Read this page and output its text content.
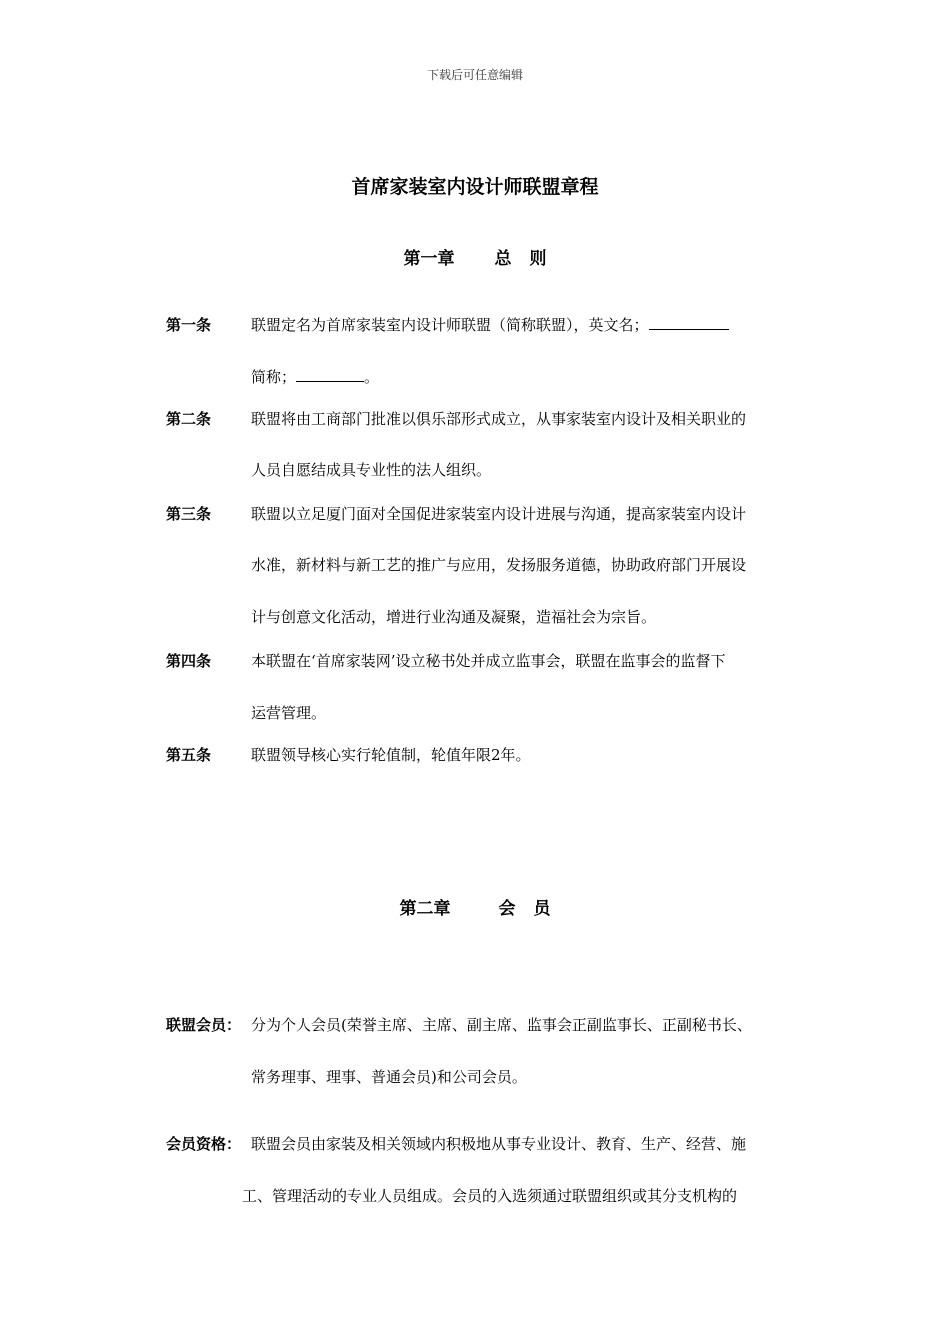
下载后可任意编辑
首席家装室内设计师联盟章程
第一章 总 则
第一条	联盟定名为首席家装室内设计师联盟（简称联盟），英文名；
简称；	。
第二条	联盟将由工商部门批准以俱乐部形式成立，从事家装室内设计及相关职业的
人员自愿结成具专业性的法人组织。
第三条	联盟以立足厦门面对全国促进家装室内设计进展与沟通，提高家装室内设计
水准，新材料与新工艺的推广与应用，发扬服务道德，协助政府部门开展设
计与创意文化活动，增进行业沟通及凝聚，造福社会为宗旨。
第四条	本联盟在‘首席家装网’设立秘书处并成立监事会，联盟在监事会的监督下
运营管理。
第五条	联盟领导核心实行轮值制，轮值年限2年。
第二章	会 员
联盟会员： 分为个人会员(荣誉主席、主席、副主席、监事会正副监事长、正副秘书长、
常务理事、理事、普通会员)和公司会员。
会员资格： 联盟会员由家装及相关领域内积极地从事专业设计、教育、生产、经营、施
工、管理活动的专业人员组成。会员的入选须通过联盟组织或其分支机构的
